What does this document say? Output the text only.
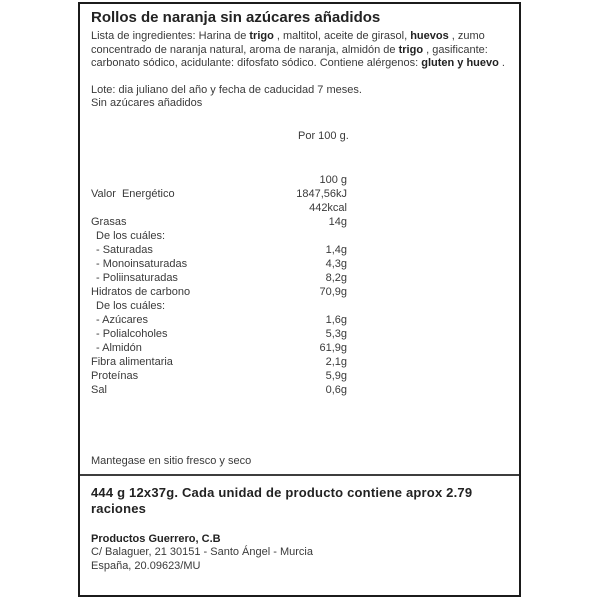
Rollos de naranja sin azúcares añadidos

Lista de ingredientes: Harina de trigo , maltitol, aceite de girasol, huevos , zumo concentrado de naranja natural, aroma de naranja, almidón de trigo , gasificante: carbonato sódico, acidulante: difosfato sódico. Contiene alérgenos: gluten y huevo .

Lote: dia juliano del año y fecha de caducidad 7 meses.
Sin azúcares añadidos
Por 100 g.
100 g
Valor  Energético	1847,56kJ
442kcal
Grasas	14g
De los cuáles:
- Saturadas	1,4g
- Monoinsaturadas	4,3g
- Poliinsaturadas	8,2g
Hidratos de carbono	70,9g
De los cuáles:
- Azúcares	1,6g
- Polialcoholes	5,3g
- Almidón	61,9g
Fibra alimentaria	2,1g
Proteínas	5,9g
Sal	0,6g
Mantegase en sitio fresco y seco
444 g 12x37g. Cada unidad de producto contiene aprox 2.79 raciones
Productos Guerrero, C.B
C/ Balaguer, 21 30151 - Santo Ángel - Murcia
España, 20.09623/MU
